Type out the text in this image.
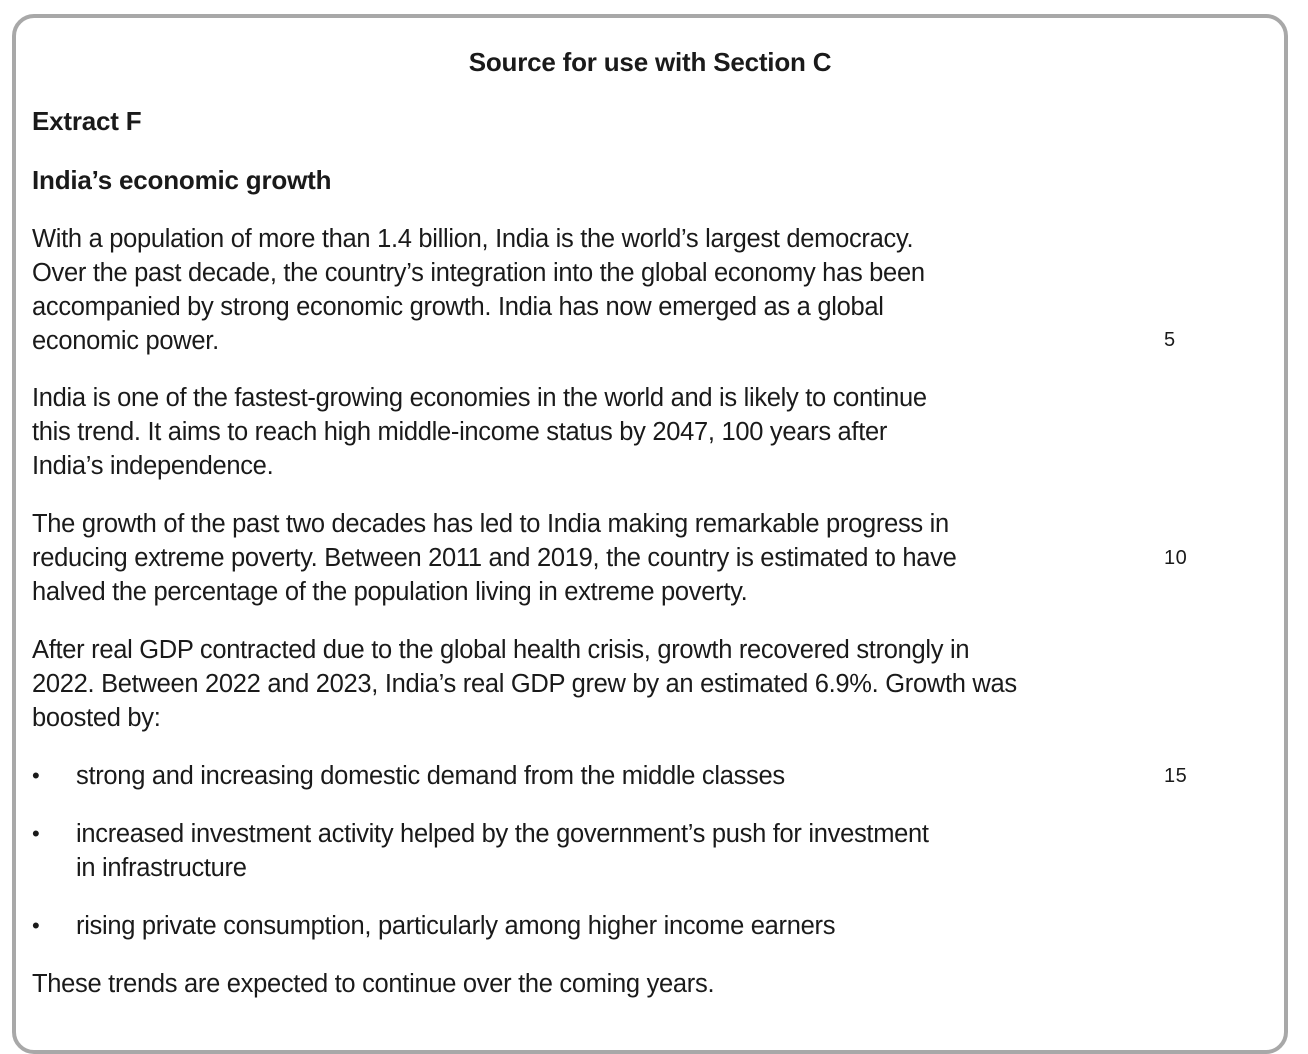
Source for use with Section C
Extract F
India’s economic growth
With a population of more than 1.4 billion, India is the world’s largest democracy.
Over the past decade, the country’s integration into the global economy has been
accompanied by strong economic growth. India has now emerged as a global
economic power.
India is one of the fastest-growing economies in the world and is likely to continue
this trend. It aims to reach high middle-income status by 2047, 100 years after
India’s independence.
The growth of the past two decades has led to India making remarkable progress in
reducing extreme poverty. Between 2011 and 2019, the country is estimated to have
halved the percentage of the population living in extreme poverty.
After real GDP contracted due to the global health crisis, growth recovered strongly in
2022. Between 2022 and 2023, India’s real GDP grew by an estimated 6.9%. Growth was
boosted by:
• strong and increasing domestic demand from the middle classes
• increased investment activity helped by the government’s push for investment
in infrastructure
• rising private consumption, particularly among higher income earners
These trends are expected to continue over the coming years.
5
10
15
